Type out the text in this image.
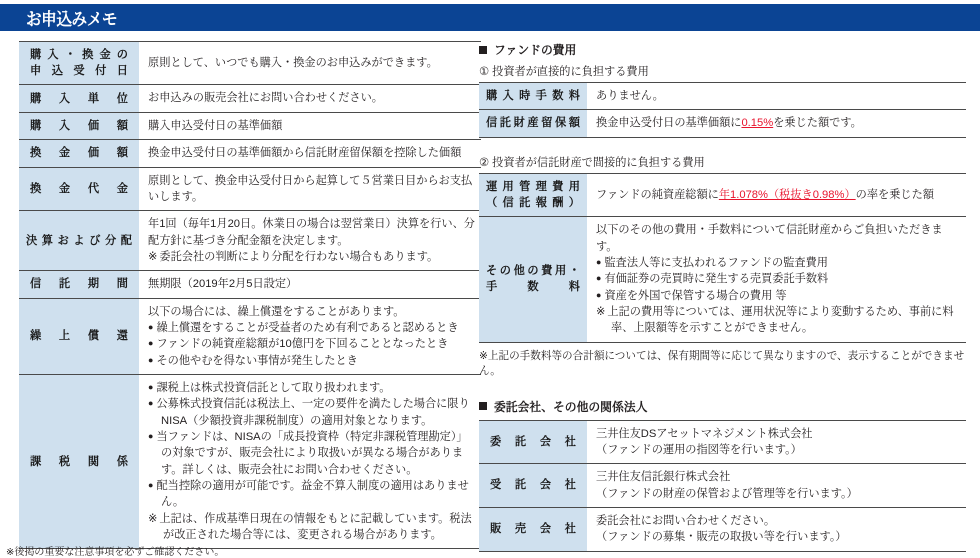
お申込みメモ
購入・換金の
申込受付日	原則として、いつでも購入・換金のお申込みができます。

購入単位	お申込みの販売会社にお問い合わせください。

購入価額	購入申込受付日の基準価額

換金価額	換金申込受付日の基準価額から信託財産留保額を控除した価額

換金代金	原則として、換金申込受付日から起算して５営業日目からお支払いします。

決算および分配	年1回（毎年1月20日。休業日の場合は翌営業日）決算を行い、分配方針に基づき分配金額を決定します。

※ 委託会社の判断により分配を行わない場合もあります。

信託期間	無期限（2019年2月5日設定）

繰上償還	以下の場合には、繰上償還をすることがあります。

● 繰上償還をすることが受益者のため有利であると認めるとき

● ファンドの純資産総額が10億円を下回ることとなったとき

● その他やむを得ない事情が発生したとき

課税関係	● 課税上は株式投資信託として取り扱われます。

● 公募株式投資信託は税法上、一定の要件を満たした場合に限りNISA（少額投資非課税制度）の適用対象となります。

● 当ファンドは、NISAの「成長投資枠（特定非課税管理勘定）」の対象ですが、販売会社により取扱いが異なる場合があります。詳しくは、販売会社にお問い合わせください。

● 配当控除の適用が可能です。益金不算入制度の適用はありません。

※ 上記は、作成基準日現在の情報をもとに記載しています。税法が改正された場合等には、変更される場合があります。

ファンドの費用

① 投資者が直接的に負担する費用

購入時手数料	ありません。

信託財産留保額	換金申込受付日の基準価額に0.15%を乗じた額です。

② 投資者が信託財産で間接的に負担する費用

運用管理費用
（信託報酬）	ファンドの純資産総額に年1.078%（税抜き0.98%）の率を乗じた額

その他の費用・
手数料

以下のその他の費用・手数料について信託財産からご負担いただきます。

● 監査法人等に支払われるファンドの監査費用

● 有価証券の売買時に発生する売買委託手数料

● 資産を外国で保管する場合の費用 等

※ 上記の費用等については、運用状況等により変動するため、事前に料率、上限額等を示すことができません。

※上記の手数料等の合計額については、保有期間等に応じて異なりますので、表示することができません。

委託会社、その他の関係法人

委託会社	三井住友DSアセットマネジメント株式会社

（ファンドの運用の指図等を行います。）

受託会社	三井住友信託銀行株式会社

（ファンドの財産の保管および管理等を行います。）

販売会社	委託会社にお問い合わせください。

（ファンドの募集・販売の取扱い等を行います。）

※後掲の重要な注意事項を必ずご確認ください。
